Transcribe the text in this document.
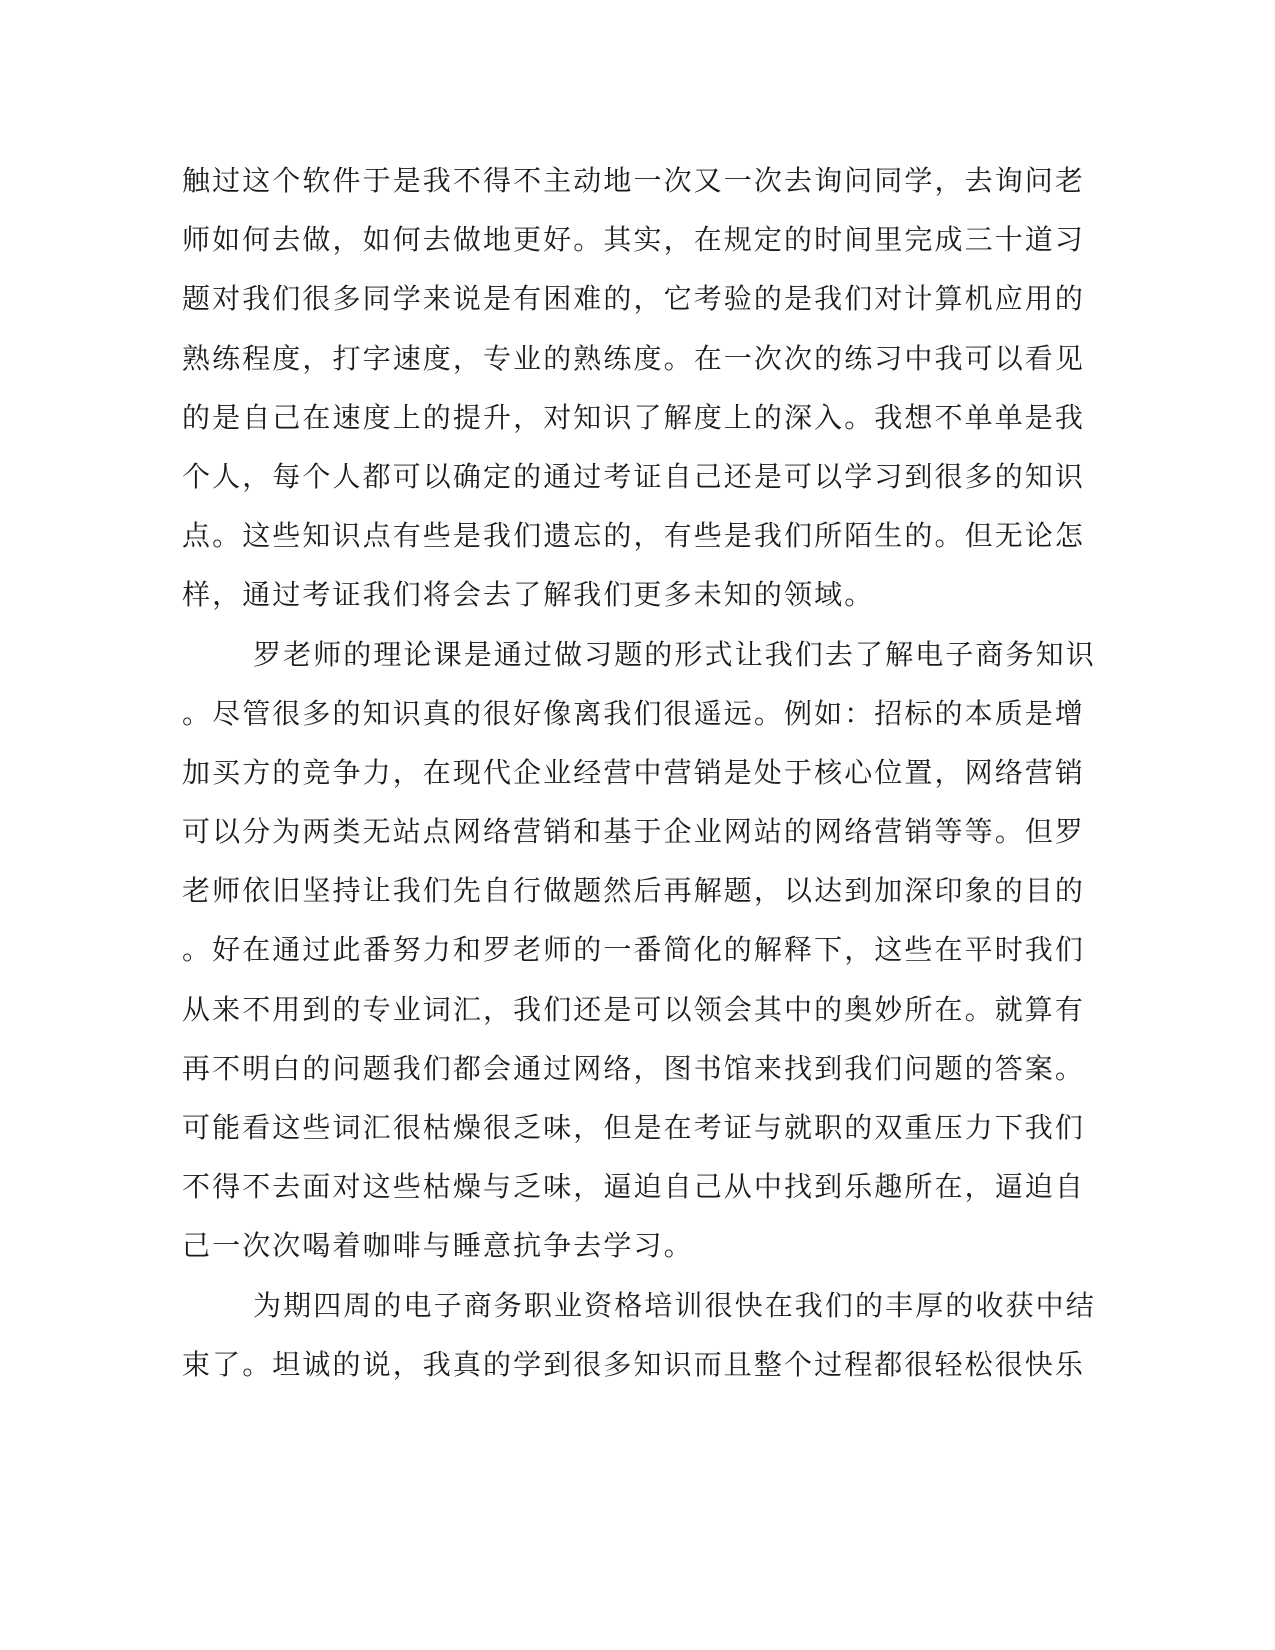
触过这个软件于是我不得不主动地一次又一次去询问同学，去询问老
师如何去做，如何去做地更好。其实，在规定的时间里完成三十道习
题对我们很多同学来说是有困难的，它考验的是我们对计算机应用的
熟练程度，打字速度，专业的熟练度。在一次次的练习中我可以看见
的是自己在速度上的提升，对知识了解度上的深入。我想不单单是我
个人，每个人都可以确定的通过考证自己还是可以学习到很多的知识
点。这些知识点有些是我们遗忘的，有些是我们所陌生的。但无论怎
样，通过考证我们将会去了解我们更多未知的领域。
罗老师的理论课是通过做习题的形式让我们去了解电子商务知识
。尽管很多的知识真的很好像离我们很遥远。例如：招标的本质是增
加买方的竞争力，在现代企业经营中营销是处于核心位置，网络营销
可以分为两类无站点网络营销和基于企业网站的网络营销等等。但罗
老师依旧坚持让我们先自行做题然后再解题，以达到加深印象的目的
。好在通过此番努力和罗老师的一番简化的解释下，这些在平时我们
从来不用到的专业词汇，我们还是可以领会其中的奥妙所在。就算有
再不明白的问题我们都会通过网络，图书馆来找到我们问题的答案。
可能看这些词汇很枯燥很乏味，但是在考证与就职的双重压力下我们
不得不去面对这些枯燥与乏味，逼迫自己从中找到乐趣所在，逼迫自
己一次次喝着咖啡与睡意抗争去学习。
为期四周的电子商务职业资格培训很快在我们的丰厚的收获中结
束了。坦诚的说，我真的学到很多知识而且整个过程都很轻松很快乐
